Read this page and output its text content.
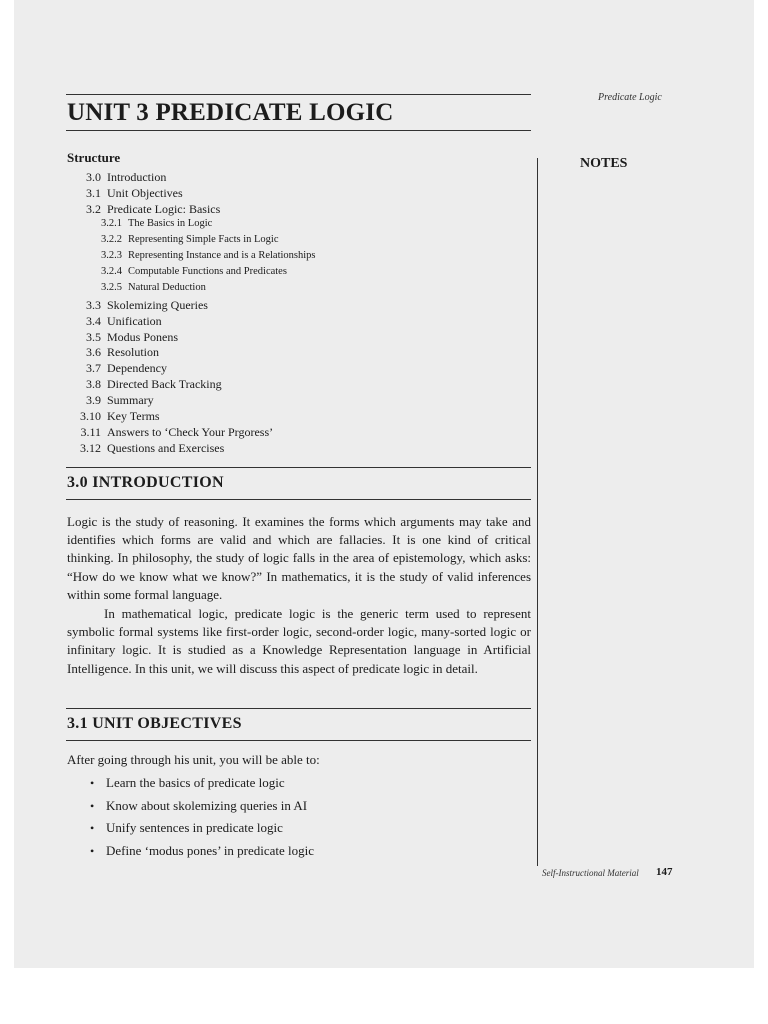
Predicate Logic
UNIT 3 PREDICATE LOGIC
NOTES
Structure
3.0 Introduction
3.1 Unit Objectives
3.2 Predicate Logic: Basics
3.2.1 The Basics in Logic
3.2.2 Representing Simple Facts in Logic
3.2.3 Representing Instance and is a Relationships
3.2.4 Computable Functions and Predicates
3.2.5 Natural Deduction
3.3 Skolemizing Queries
3.4 Unification
3.5 Modus Ponens
3.6 Resolution
3.7 Dependency
3.8 Directed Back Tracking
3.9 Summary
3.10 Key Terms
3.11 Answers to ‘Check Your Prgoress’
3.12 Questions and Exercises
3.0 INTRODUCTION
Logic is the study of reasoning. It examines the forms which arguments may take and identifies which forms are valid and which are fallacies. It is one kind of critical thinking. In philosophy, the study of logic falls in the area of epistemology, which asks: “How do we know what we know?” In mathematics, it is the study of valid inferences within some formal language.
In mathematical logic, predicate logic is the generic term used to represent symbolic formal systems like first-order logic, second-order logic, many-sorted logic or infinitary logic. It is studied as a Knowledge Representation language in Artificial Intelligence. In this unit, we will discuss this aspect of predicate logic in detail.
3.1 UNIT OBJECTIVES
After going through his unit, you will be able to:
• Learn the basics of predicate logic
• Know about skolemizing queries in AI
• Unify sentences in predicate logic
• Define ‘modus pones’ in predicate logic
Self-Instructional Material 147
